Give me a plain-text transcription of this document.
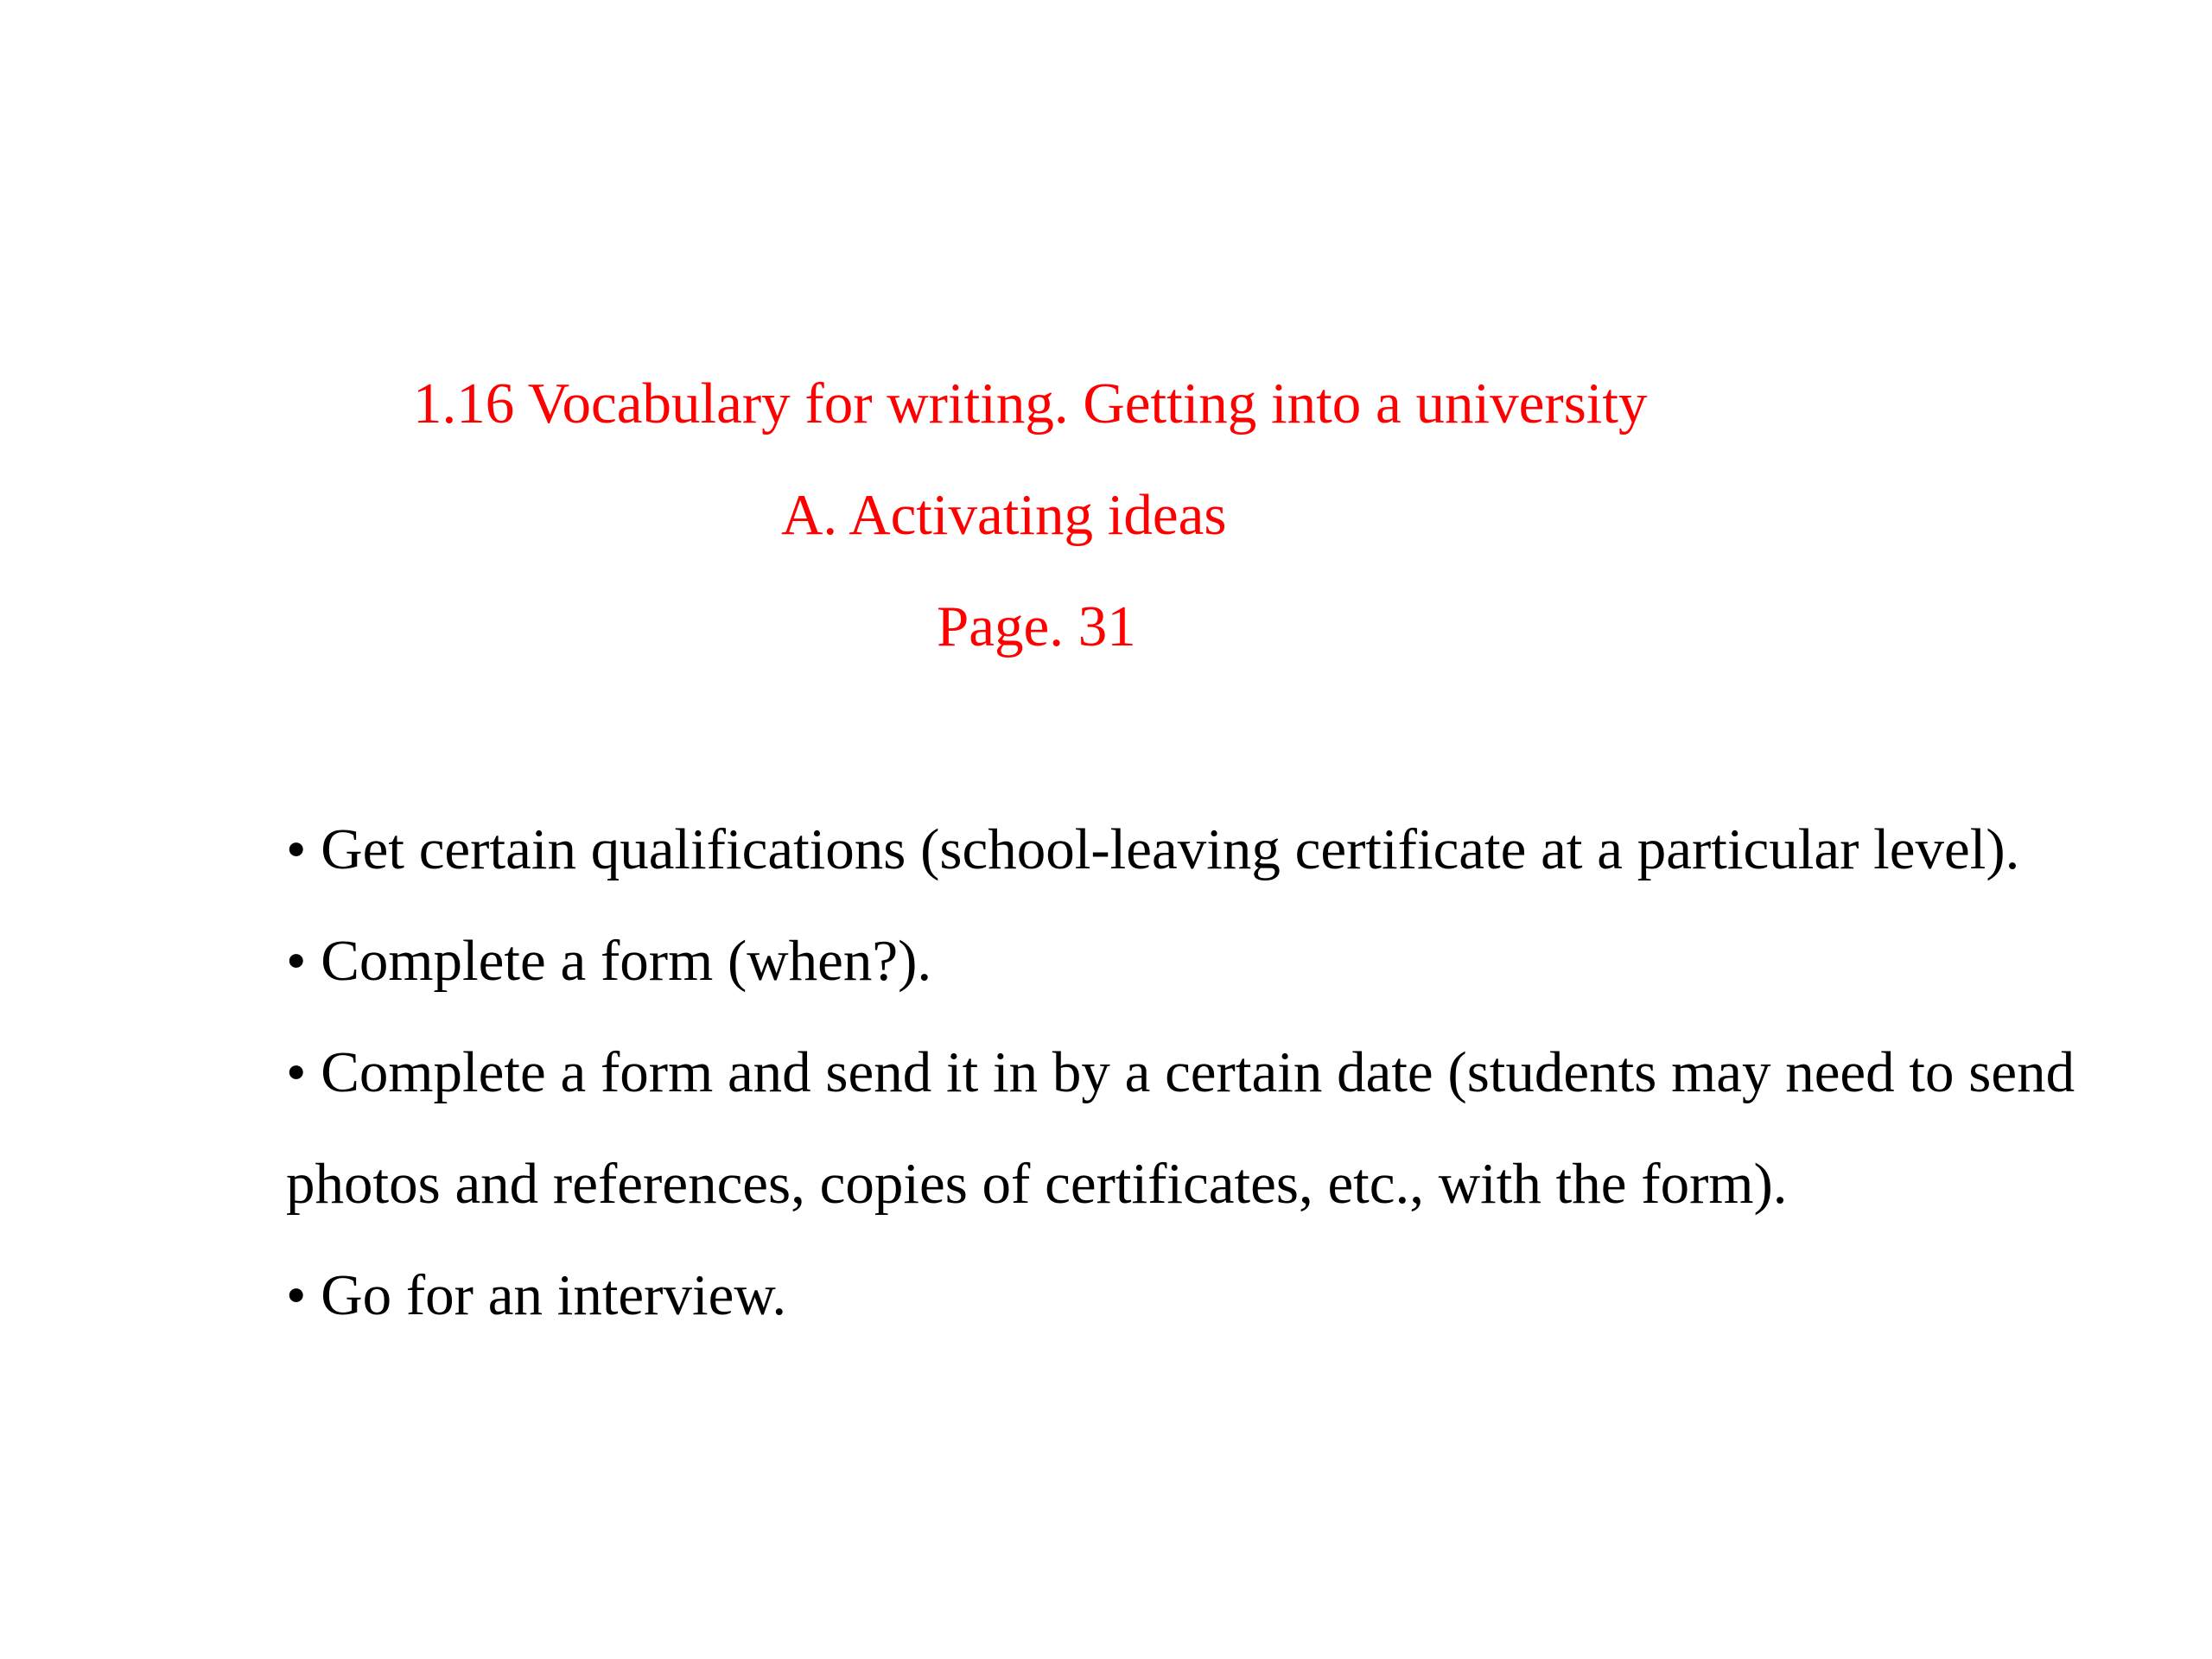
1.16 Vocabulary for writing. Getting into a university
A. Activating ideas
Page. 31
• Get certain qualifications (school-leaving certificate at a particular level).
• Complete a form (when?).
• Complete a form and send it in by a certain date (students may need to send
photos and references, copies of certificates, etc., with the form).
• Go for an interview.
